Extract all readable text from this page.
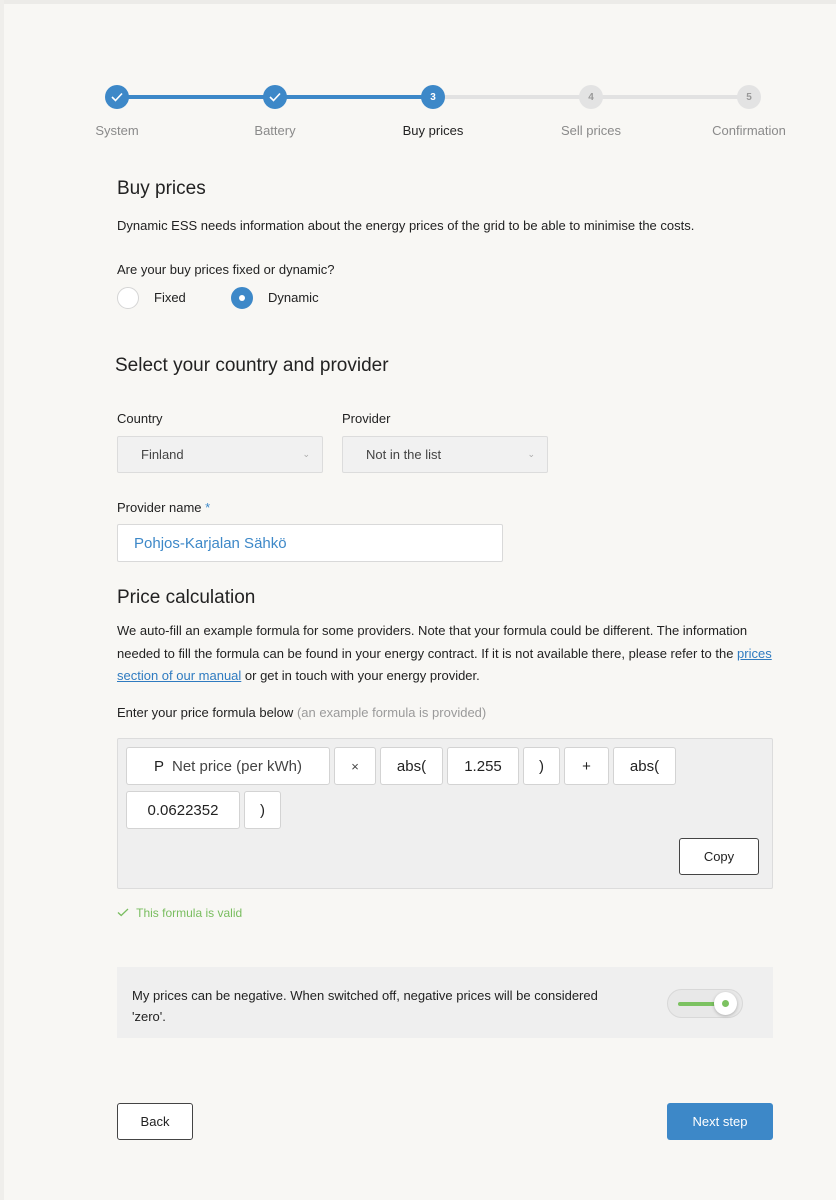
3	4	5
System	Battery	Buy prices	Sell prices	Confirmation
Buy prices
Dynamic ESS needs information about the energy prices of the grid to be able to minimise the costs.
Are your buy prices fixed or dynamic?
Fixed	Dynamic
Select your country and provider
Country
Finland	⌄
Provider
Not in the list	⌄
Provider name *
Pohjos-Karjalan Sähkö
Price calculation
We auto-fill an example formula for some providers. Note that your formula could be different. The information needed to fill the formula can be found in your energy contract. If it is not available there, please refer to the prices section of our manual or get in touch with your energy provider.
Enter your price formula below (an example formula is provided)
P Net price (per kWh)	×	abs(	1.255	)	+	abs(
0.0622352	)
Copy
This formula is valid
My prices can be negative. When switched off, negative prices will be considered 'zero'.
Back	Next step
